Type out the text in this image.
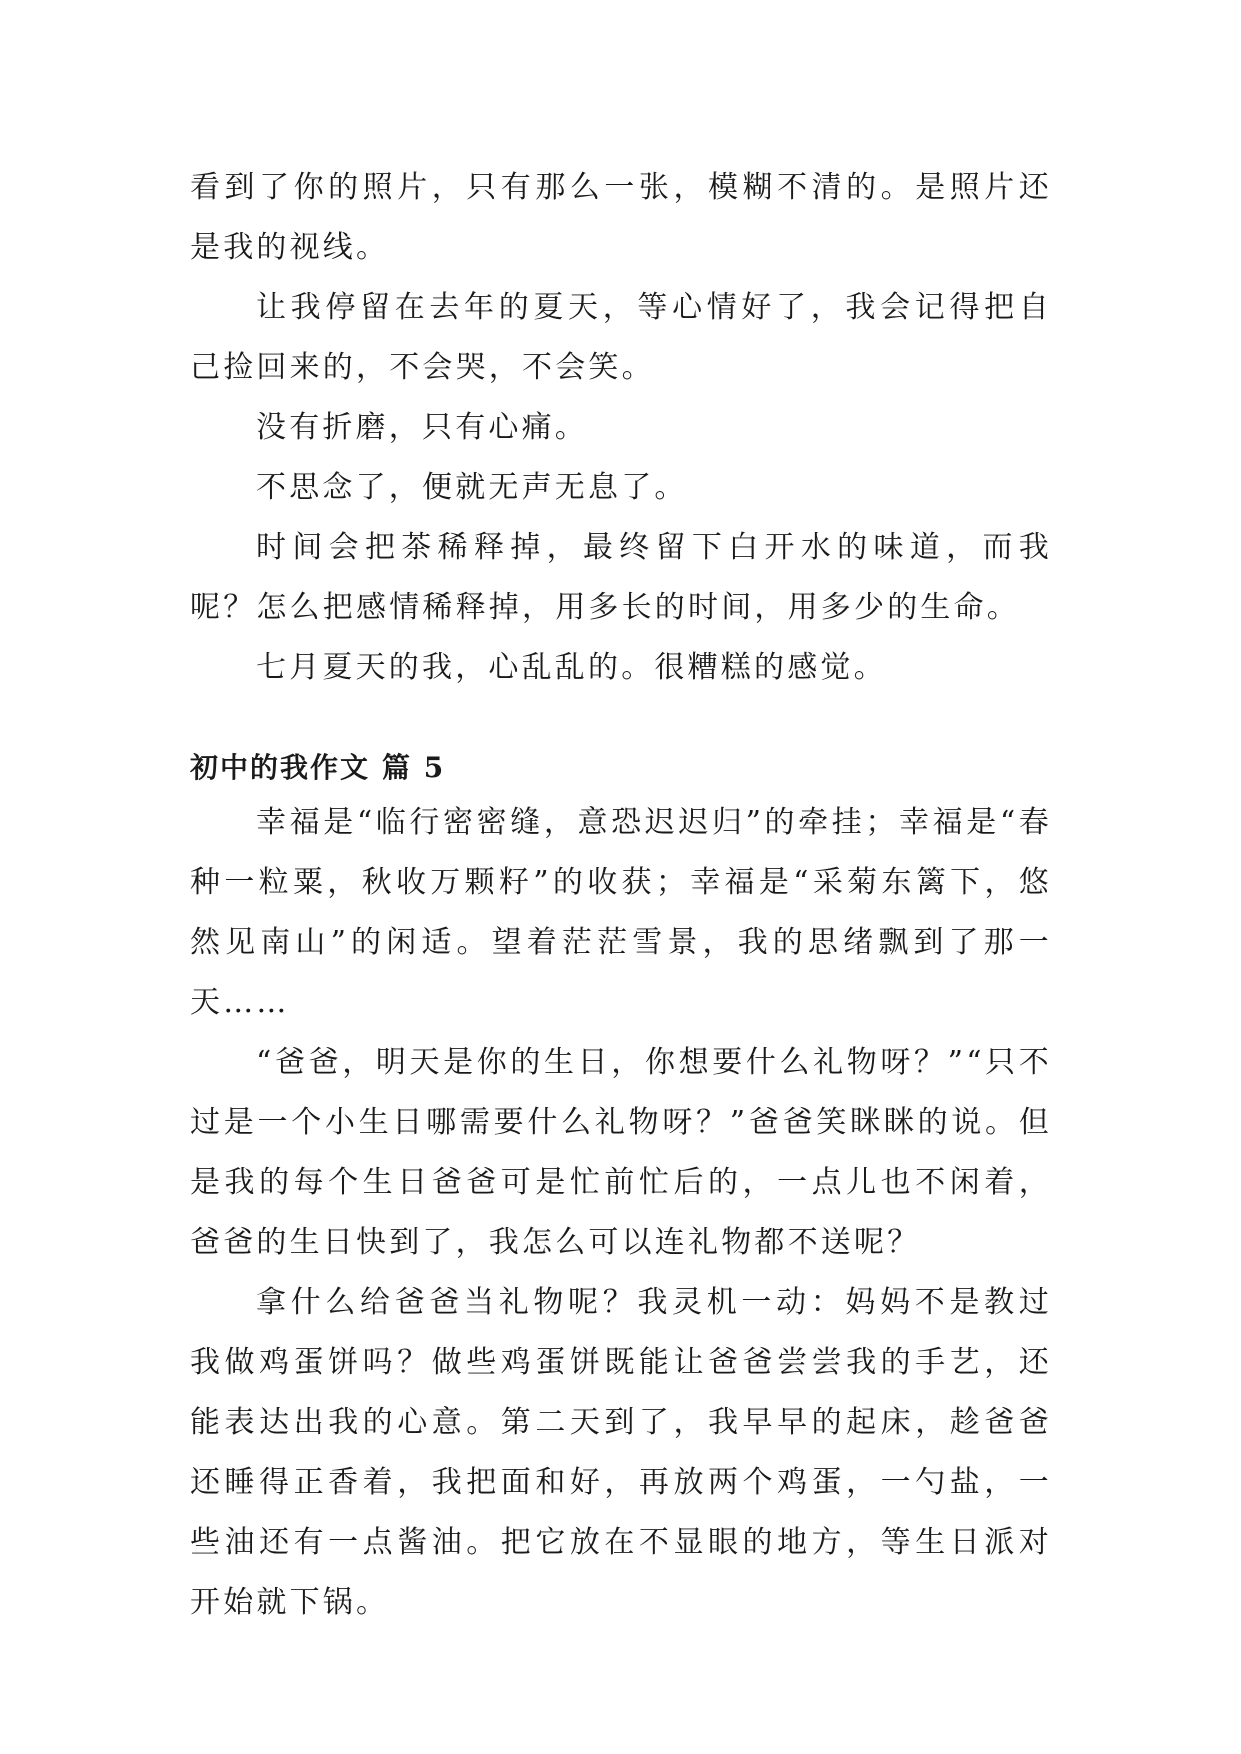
看到了你的照片，只有那么一张，模糊不清的。是照片还是我的视线。

让我停留在去年的夏天，等心情好了，我会记得把自己捡回来的，不会哭，不会笑。

没有折磨，只有心痛。

不思念了，便就无声无息了。

时间会把茶稀释掉，最终留下白开水的味道，而我呢？怎么把感情稀释掉，用多长的时间，用多少的生命。

七月夏天的我，心乱乱的。很糟糕的感觉。

初中的我作文 篇 5

幸福是“临行密密缝，意恐迟迟归”的牵挂；幸福是“春种一粒粟，秋收万颗籽”的收获；幸福是“采菊东篱下，悠然见南山”的闲适。望着茫茫雪景，我的思绪飘到了那一天……

“爸爸，明天是你的生日，你想要什么礼物呀？”“只不过是一个小生日哪需要什么礼物呀？”爸爸笑眯眯的说。但是我的每个生日爸爸可是忙前忙后的，一点儿也不闲着，爸爸的生日快到了，我怎么可以连礼物都不送呢？

拿什么给爸爸当礼物呢？我灵机一动：妈妈不是教过我做鸡蛋饼吗？做些鸡蛋饼既能让爸爸尝尝我的手艺，还能表达出我的心意。第二天到了，我早早的起床，趁爸爸还睡得正香着，我把面和好，再放两个鸡蛋，一勺盐，一些油还有一点酱油。把它放在不显眼的地方，等生日派对开始就下锅。
